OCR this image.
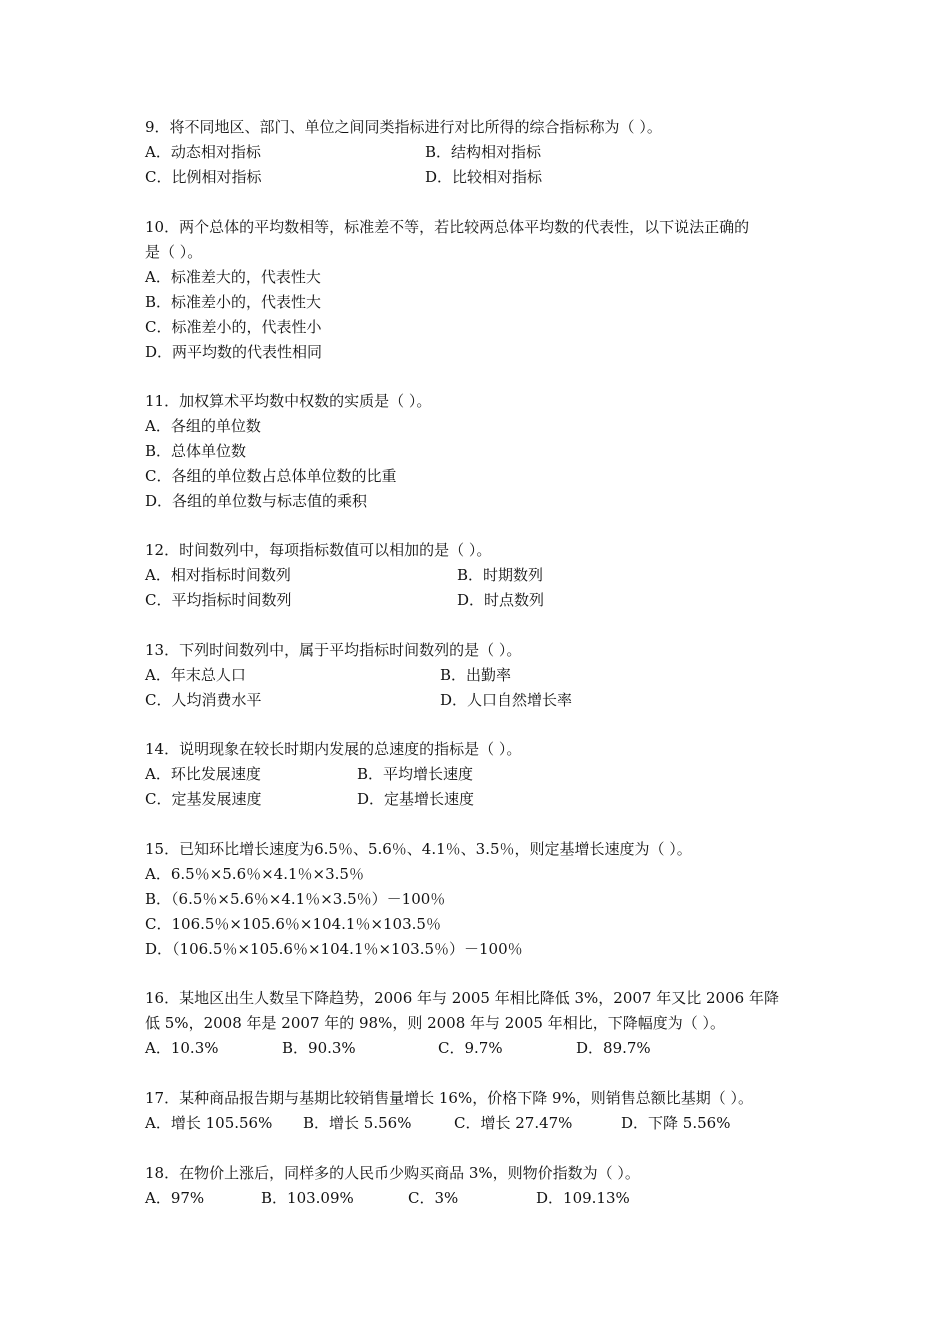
9．将不同地区、部门、单位之间同类指标进行对比所得的综合指标称为（ ）。
A．动态相对指标	B．结构相对指标
C．比例相对指标	D．比较相对指标
10．两个总体的平均数相等，标准差不等，若比较两总体平均数的代表性，以下说法正确的
是（ ）。
A．标准差大的，代表性大
B．标准差小的，代表性大
C．标准差小的，代表性小
D．两平均数的代表性相同
11．加权算术平均数中权数的实质是（ ）。
A．各组的单位数
B．总体单位数
C．各组的单位数占总体单位数的比重
D．各组的单位数与标志值的乘积
12．时间数列中，每项指标数值可以相加的是（ ）。
A．相对指标时间数列	B．时期数列
C．平均指标时间数列	D．时点数列
13．下列时间数列中，属于平均指标时间数列的是（ ）。
A．年末总人口	B．出勤率
C．人均消费水平	D．人口自然增长率
14．说明现象在较长时期内发展的总速度的指标是（ ）。
A．环比发展速度	B．平均增长速度
C．定基发展速度	D．定基增长速度
15．已知环比增长速度为6.5％、5.6％、4.1％、3.5％，则定基增长速度为（ ）。
A．6.5％×5.6％×4.1％×3.5％
B．（6.5％×5.6％×4.1％×3.5％）－100％
C．106.5％×105.6％×104.1％×103.5％
D．（106.5％×105.6％×104.1％×103.5％）－100％
16．某地区出生人数呈下降趋势，2006 年与 2005 年相比降低 3%，2007 年又比 2006 年降
低 5%，2008 年是 2007 年的 98%，则 2008 年与 2005 年相比，下降幅度为（ ）。
A．10.3%	B．90.3%	C．9.7%	D．89.7%
17．某种商品报告期与基期比较销售量增长 16%，价格下降 9%，则销售总额比基期（ ）。
A．增长 105.56% B．增长 5.56%	C．增长 27.47%	D．下降 5.56%
18．在物价上涨后，同样多的人民币少购买商品 3%，则物价指数为（ ）。
A．97%	B．103.09%	C．3%	D．109.13%
